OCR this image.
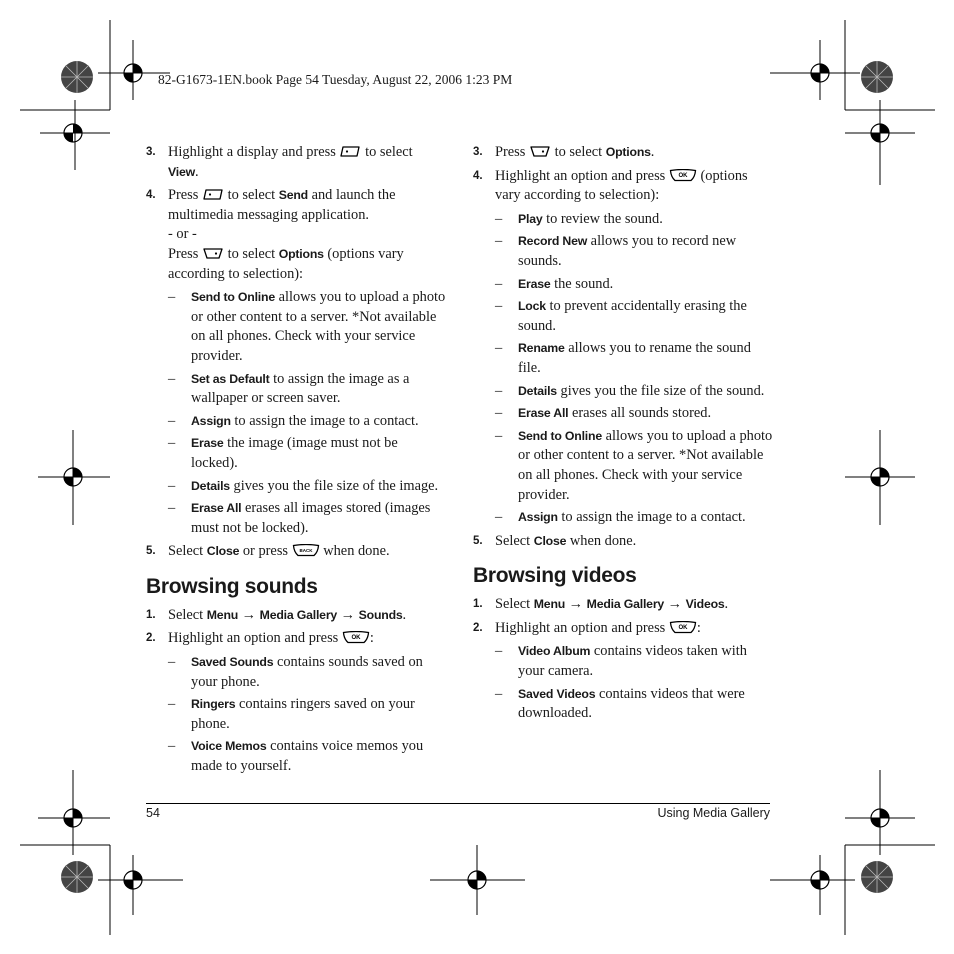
82-G1673-1EN.book Page 54 Tuesday, August 22, 2006 1:23 PM
3. Highlight a display and press  to select View.
4. Press  to select Send and launch the multimedia messaging application.
- or -
Press  to select Options (options vary according to selection):
– Send to Online allows you to upload a photo or other content to a server. *Not available on all phones. Check with your service provider.
– Set as Default to assign the image as a wallpaper or screen saver.
– Assign to assign the image to a contact.
– Erase the image (image must not be locked).
– Details gives you the file size of the image.
– Erase All erases all images stored (images must not be locked).
5. Select Close or press BACK when done.
Browsing sounds
1. Select Menu → Media Gallery → Sounds.
2. Highlight an option and press OK :
– Saved Sounds contains sounds saved on your phone.
– Ringers contains ringers saved on your phone.
– Voice Memos contains voice memos you made to yourself.
3. Press  to select Options.
4. Highlight an option and press OK (options vary according to selection):
– Play to review the sound.
– Record New allows you to record new sounds.
– Erase the sound.
– Lock to prevent accidentally erasing the sound.
– Rename allows you to rename the sound file.
– Details gives you the file size of the sound.
– Erase All erases all sounds stored.
– Send to Online allows you to upload a photo or other content to a server. *Not available on all phones. Check with your service provider.
– Assign to assign the image to a contact.
5. Select Close when done.
Browsing videos
1. Select Menu → Media Gallery → Videos.
2. Highlight an option and press OK :
– Video Album contains videos taken with your camera.
– Saved Videos contains videos that were downloaded.
54	Using Media Gallery
